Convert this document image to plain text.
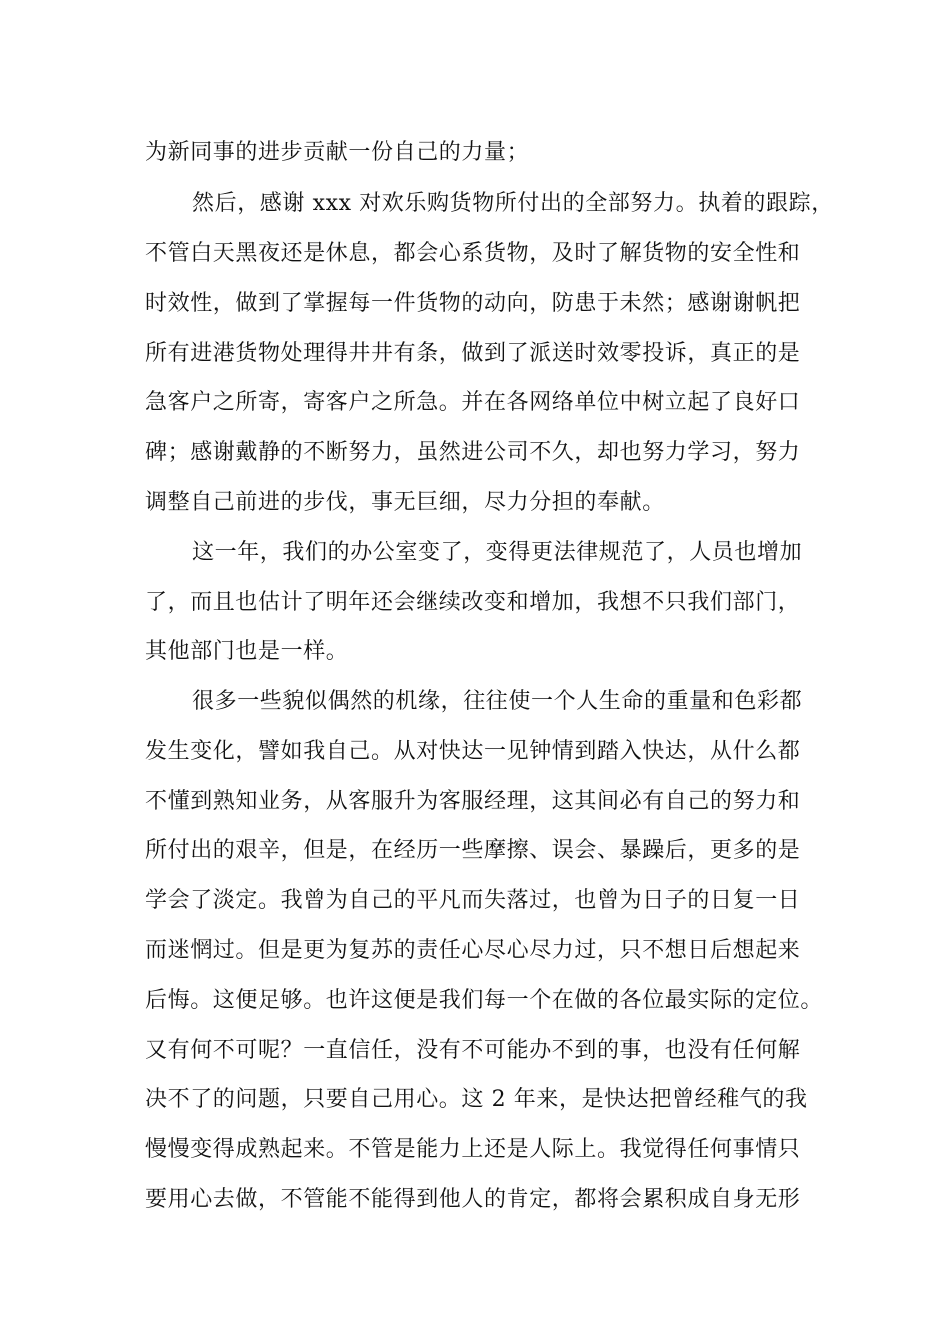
为新同事的进步贡献一份自己的力量；
然后，感谢 xxx 对欢乐购货物所付出的全部努力。执着的跟踪，
不管白天黑夜还是休息，都会心系货物，及时了解货物的安全性和
时效性，做到了掌握每一件货物的动向，防患于未然；感谢谢帆把
所有进港货物处理得井井有条，做到了派送时效零投诉，真正的是
急客户之所寄，寄客户之所急。并在各网络单位中树立起了良好口
碑；感谢戴静的不断努力，虽然进公司不久，却也努力学习，努力
调整自己前进的步伐，事无巨细，尽力分担的奉献。
这一年，我们的办公室变了，变得更法律规范了，人员也增加
了，而且也估计了明年还会继续改变和增加，我想不只我们部门，
其他部门也是一样。
很多一些貌似偶然的机缘，往往使一个人生命的重量和色彩都
发生变化，譬如我自己。从对快达一见钟情到踏入快达，从什么都
不懂到熟知业务，从客服升为客服经理，这其间必有自己的努力和
所付出的艰辛，但是，在经历一些摩擦、误会、暴躁后，更多的是
学会了淡定。我曾为自己的平凡而失落过，也曾为日子的日复一日
而迷惘过。但是更为复苏的责任心尽心尽力过，只不想日后想起来
后悔。这便足够。也许这便是我们每一个在做的各位最实际的定位。
又有何不可呢？一直信任，没有不可能办不到的事，也没有任何解
决不了的问题，只要自己用心。这 2 年来，是快达把曾经稚气的我
慢慢变得成熟起来。不管是能力上还是人际上。我觉得任何事情只
要用心去做，不管能不能得到他人的肯定，都将会累积成自身无形
